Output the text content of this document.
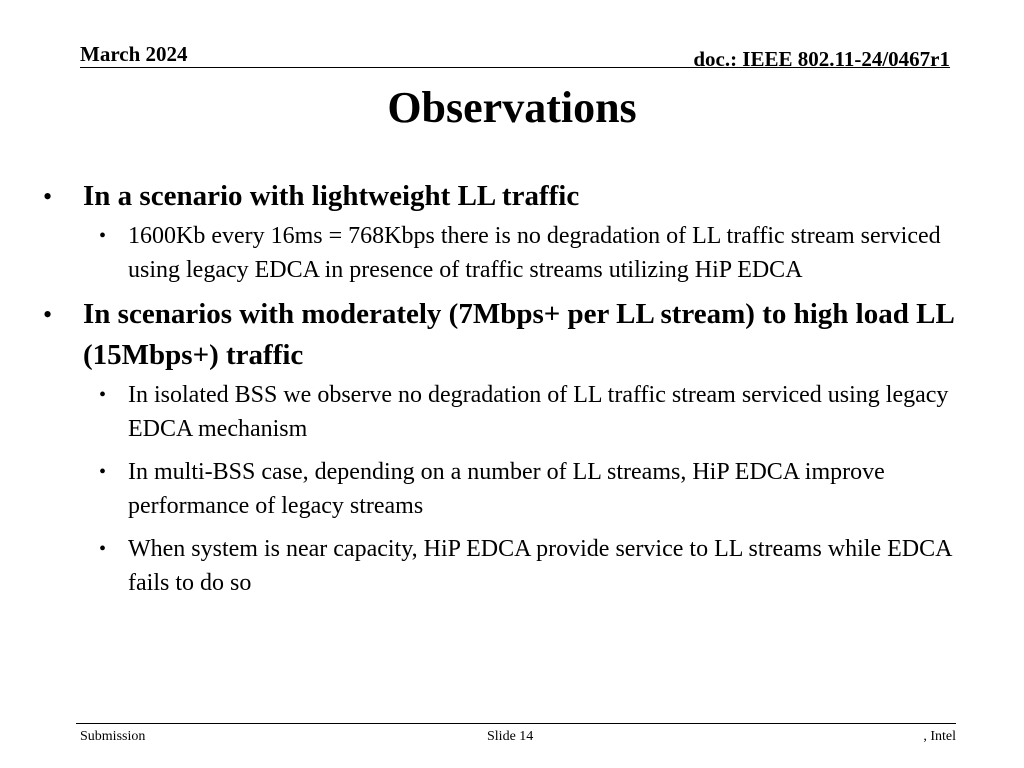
March 2024	doc.: IEEE 802.11-24/0467r1
Observations
• In a scenario with lightweight LL traffic
• 1600Kb every 16ms = 768Kbps there is no degradation of LL traffic stream serviced using legacy EDCA in presence of traffic streams utilizing HiP EDCA
• In scenarios with moderately (7Mbps+ per LL stream) to high load LL (15Mbps+) traffic
• In isolated BSS we observe no degradation of LL traffic stream serviced using legacy EDCA mechanism
• In multi-BSS case, depending on a number of LL streams, HiP EDCA improve performance of legacy streams
• When system is near capacity, HiP EDCA provide service to LL streams while EDCA fails to do so
Submission	Slide 14	, Intel
